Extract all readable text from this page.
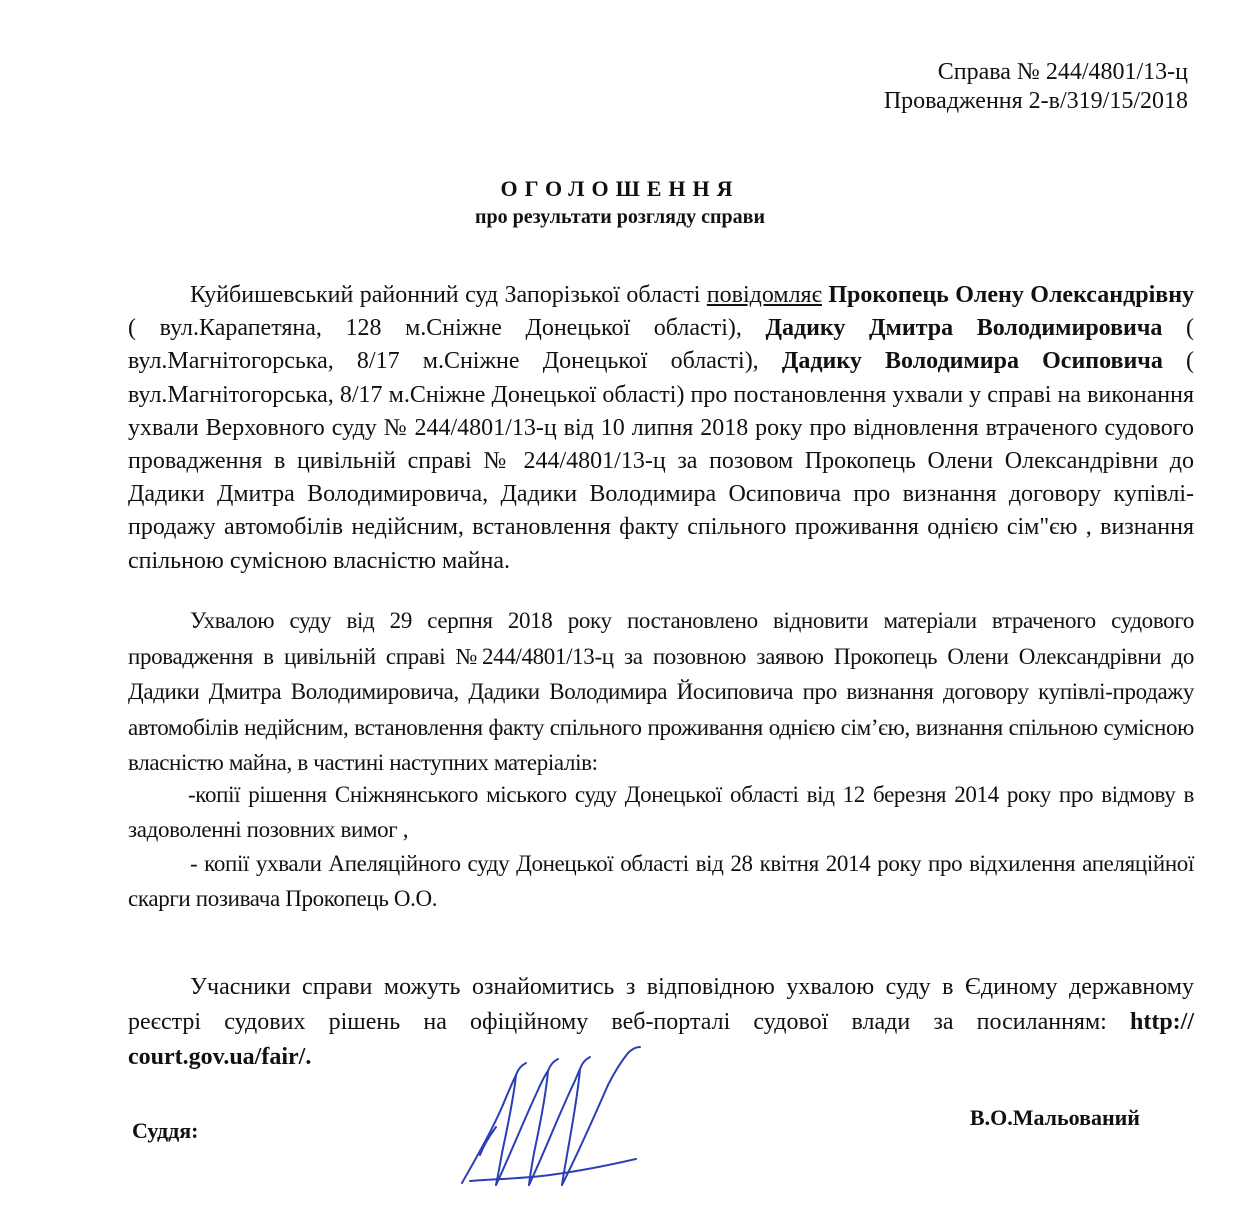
Справа № 244/4801/13-ц
Провадження 2-в/319/15/2018
ОГОЛОШЕННЯ
про результати розгляду справи
Куйбишевський районний суд Запорізької області повідомляє Прокопець Олену Олександрівну ( вул.Карапетяна, 128 м.Сніжне Донецької області), Дадику Дмитра Володимировича ( вул.Магнітогорська, 8/17 м.Сніжне Донецької області), Дадику Володимира Осиповича ( вул.Магнітогорська, 8/17 м.Сніжне Донецької області) про постановлення ухвали у справі на виконання ухвали Верховного суду № 244/4801/13-ц від 10 липня 2018 року про відновлення втраченого судового провадження в цивільній справі № 244/4801/13-ц за позовом Прокопець Олени Олександрівни до Дадики Дмитра Володимировича, Дадики Володимира Осиповича про визнання договору купівлі-продажу автомобілів недійсним, встановлення факту спільного проживання однією сім"єю , визнання спільною сумісною власністю майна.
Ухвалою суду від 29 серпня 2018 року постановлено відновити матеріали втраченого судового провадження в цивільній справі №244/4801/13-ц за позовною заявою Прокопець Олени Олександрівни до Дадики Дмитра Володимировича, Дадики Володимира Йосиповича про визнання договору купівлі-продажу автомобілів недійсним, встановлення факту спільного проживання однією сім’єю, визнання спільною сумісною власністю майна, в частині наступних матеріалів:
-копії рішення Сніжнянського міського суду Донецької області від 12 березня 2014 року про відмову в задоволенні позовних вимог ,
- копії ухвали Апеляційного суду Донецької області від 28 квітня 2014 року про відхилення апеляційної скарги позивача Прокопець О.О.
Учасники справи можуть ознайомитись з відповідною ухвалою суду в Єдиному державному реєстрі судових рішень на офіційному веб-порталі судової влади за посиланням: http:// court.gov.ua/fair/.
Суддя:
В.О.Мальований
